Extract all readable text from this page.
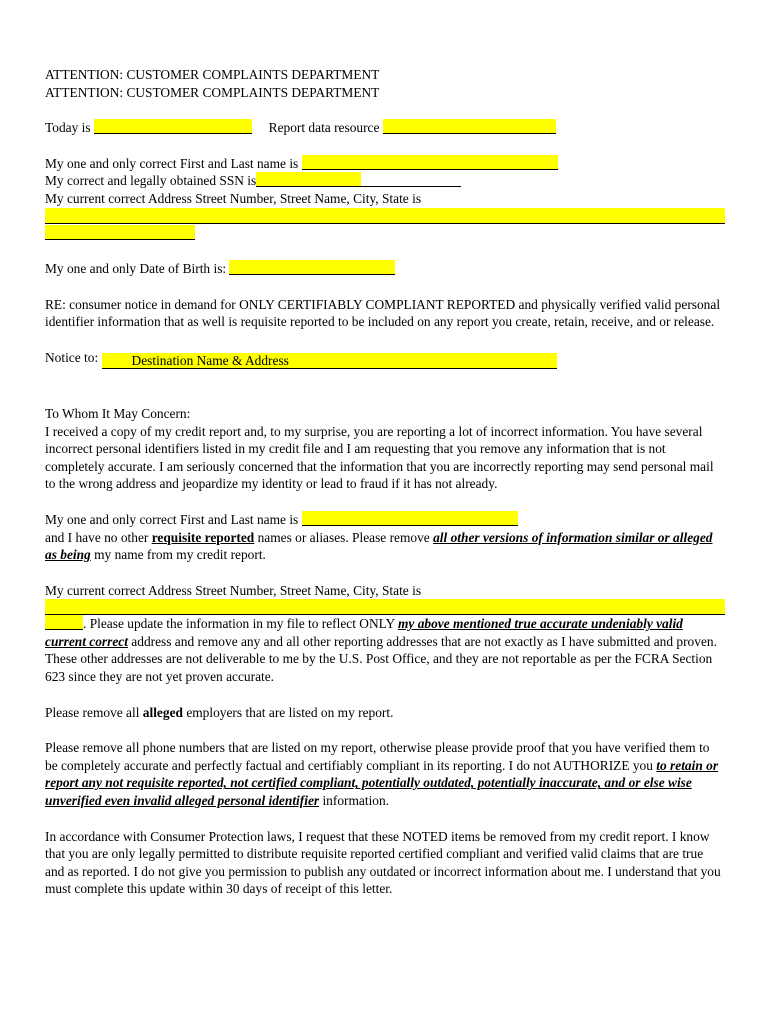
ATTENTION: CUSTOMER COMPLAINTS DEPARTMENT
ATTENTION: CUSTOMER COMPLAINTS DEPARTMENT
Today is	Report data resource
My one and only correct First and Last name is
My correct and legally obtained SSN is
My current correct Address Street Number, Street Name, City, State is
My one and only Date of Birth is:
RE: consumer notice in demand for ONLY CERTIFIABLY COMPLIANT REPORTED and physically verified valid personal identifier information that as well is requisite reported to be included on any report you create, retain, receive, and or release.
Notice to: Destination Name & Address
To Whom It May Concern:
I received a copy of my credit report and, to my surprise, you are reporting a lot of incorrect information. You have several incorrect personal identifiers listed in my credit file and I am requesting that you remove any information that is not completely accurate. I am seriously concerned that the information that you are incorrectly reporting may send personal mail to the wrong address and jeopardize my identity or lead to fraud if it has not already.
My one and only correct First and Last name is
and I have no other requisite reported names or aliases. Please remove all other versions of information similar or alleged as being my name from my credit report.
My current correct Address Street Number, Street Name, City, State is
. Please update the information in my file to reflect ONLY my above mentioned true accurate undeniably valid current correct address and remove any and all other reporting addresses that are not exactly as I have submitted and proven. These other addresses are not deliverable to me by the U.S. Post Office, and they are not reportable as per the FCRA Section 623 since they are not yet proven accurate.
Please remove all alleged employers that are listed on my report.
Please remove all phone numbers that are listed on my report, otherwise please provide proof that you have verified them to be completely accurate and perfectly factual and certifiably compliant in its reporting. I do not AUTHORIZE you to retain or report any not requisite reported, not certified compliant, potentially outdated, potentially inaccurate, and or else wise unverified even invalid alleged personal identifier information.
In accordance with Consumer Protection laws, I request that these NOTED items be removed from my credit report. I know that you are only legally permitted to distribute requisite reported certified compliant and verified valid claims that are true and as reported. I do not give you permission to publish any outdated or incorrect information about me. I understand that you must complete this update within 30 days of receipt of this letter.
